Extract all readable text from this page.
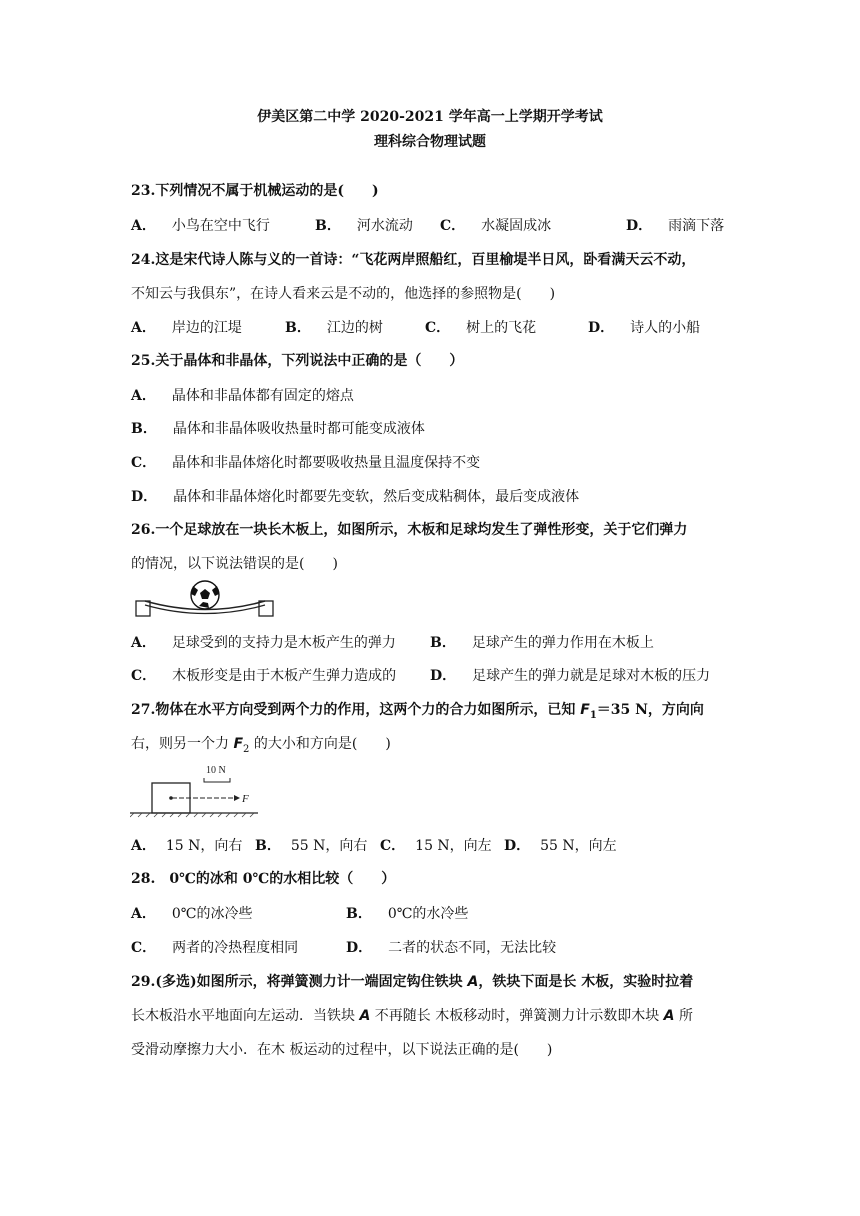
伊美区第二中学 2020-2021 学年高一上学期开学考试
理科综合物理试题
23.下列情况不属于机械运动的是(　　)
A． 小鸟在空中飞行	B． 河水流动 C． 水凝固成冰	D． 雨滴下落
24.这是宋代诗人陈与义的一首诗：“飞花两岸照船红，百里榆堤半日风，卧看满天云不动，
不知云与我俱东”，在诗人看来云是不动的，他选择的参照物是(　　)
A． 岸边的江堤	B． 江边的树	C． 树上的飞花	D． 诗人的小船
25.关于晶体和非晶体，下列说法中正确的是（　　）
A． 晶体和非晶体都有固定的熔点
B． 晶体和非晶体吸收热量时都可能变成液体
C． 晶体和非晶体熔化时都要吸收热量且温度保持不变
D． 晶体和非晶体熔化时都要先变软，然后变成粘稠体，最后变成液体
26.一个足球放在一块长木板上，如图所示，木板和足球均发生了弹性形变，关于它们弹力
的情况，以下说法错误的是(　　)
A． 足球受到的支持力是木板产生的弹力 B． 足球产生的弹力作用在木板上
C． 木板形变是由于木板产生弹力造成的 D． 足球产生的弹力就是足球对木板的压力
27.物体在水平方向受到两个力的作用，这两个力的合力如图所示，已知 $F_1=35$ N，方向向
右，则另一个力 $F_2$ 的大小和方向是(　　)
10 N
F
A． 15 N，向右 B． 55 N，向右 C． 15 N，向左 D． 55 N，向左
28.　0℃的冰和 0℃的水相比较（　　）
A． 0℃的冰冷些	B． 0℃的水冷些
C． 两者的冷热程度相同	D． 二者的状态不同，无法比较
29.(多选)如图所示，将弹簧测力计一端固定钩住铁块 A，铁块下面是长 木板，实验时拉着
长木板沿水平地面向左运动．当铁块 A 不再随长 木板移动时，弹簧测力计示数即木块 A 所
受滑动摩擦力大小．在木 板运动的过程中，以下说法正确的是(　　)
